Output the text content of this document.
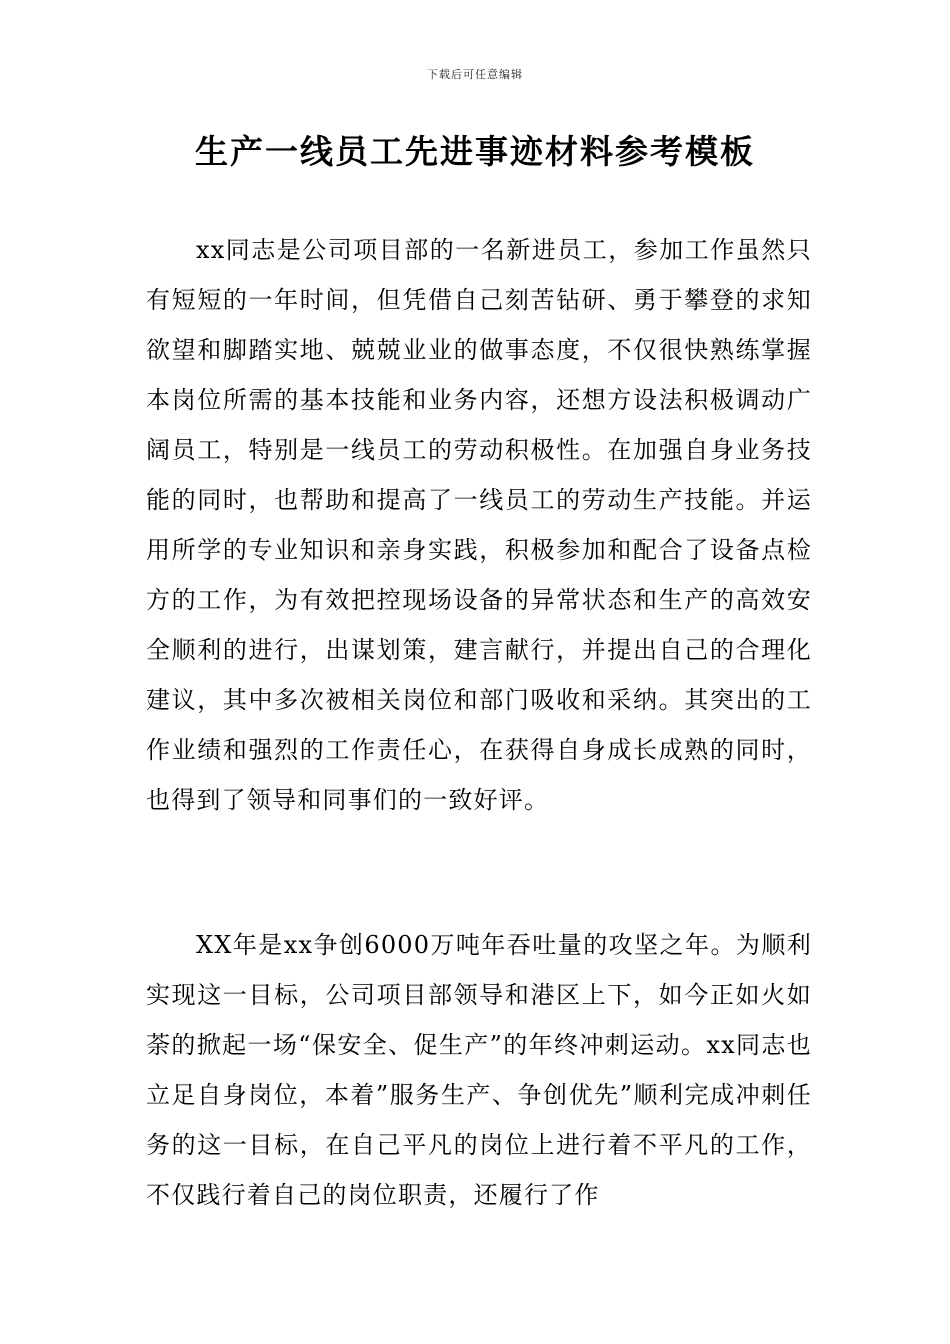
下载后可任意编辑
生产一线员工先进事迹材料参考模板
xx同志是公司项目部的一名新进员工，参加工作虽然只有短短的一年时间，但凭借自己刻苦钻研、勇于攀登的求知欲望和脚踏实地、兢兢业业的做事态度，不仅很快熟练掌握本岗位所需的基本技能和业务内容，还想方设法积极调动广阔员工，特别是一线员工的劳动积极性。在加强自身业务技能的同时，也帮助和提高了一线员工的劳动生产技能。并运用所学的专业知识和亲身实践，积极参加和配合了设备点检方的工作，为有效把控现场设备的异常状态和生产的高效安全顺利的进行，出谋划策，建言献行，并提出自己的合理化建议，其中多次被相关岗位和部门吸收和采纳。其突出的工作业绩和强烈的工作责任心，在获得自身成长成熟的同时，也得到了领导和同事们的一致好评。
XX年是xx争创6000万吨年吞吐量的攻坚之年。为顺利实现这一目标，公司项目部领导和港区上下，如今正如火如荼的掀起一场“保安全、促生产”的年终冲刺运动。xx同志也立足自身岗位，本着”服务生产、争创优先”顺利完成冲刺任务的这一目标，在自己平凡的岗位上进行着不平凡的工作，不仅践行着自己的岗位职责，还履行了作
